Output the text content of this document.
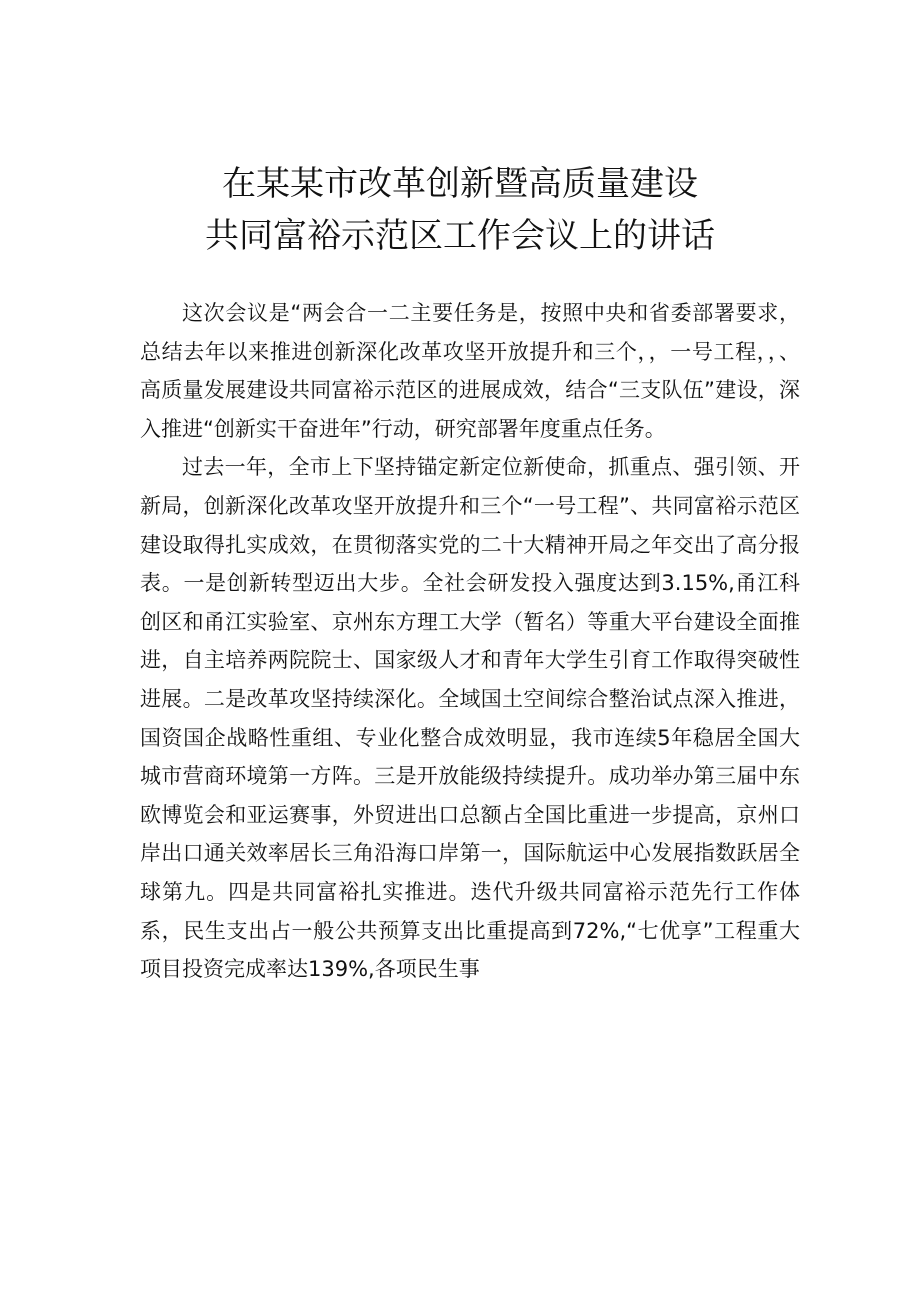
在某某市改革创新暨高质量建设
共同富裕示范区工作会议上的讲话

这次会议是“两会合一二主要任务是，按照中央和省委部署要求，总结去年以来推进创新深化改革攻坚开放提升和三个，，一号工程，，、高质量发展建设共同富裕示范区的进展成效，结合“三支队伍”建设，深入推进“创新实干奋进年”行动，研究部署年度重点任务。

过去一年，全市上下坚持锚定新定位新使命，抓重点、强引领、开新局，创新深化改革攻坚开放提升和三个“一号工程”、共同富裕示范区建设取得扎实成效，在贯彻落实党的二十大精神开局之年交出了高分报表。一是创新转型迈出大步。全社会研发投入强度达到3.15%,甬江科创区和甬江实验室、京州东方理工大学（暂名）等重大平台建设全面推进，自主培养两院院士、国家级人才和青年大学生引育工作取得突破性进展。二是改革攻坚持续深化。全域国土空间综合整治试点深入推进，国资国企战略性重组、专业化整合成效明显，我市连续5年稳居全国大城市营商环境第一方阵。三是开放能级持续提升。成功举办第三届中东欧博览会和亚运赛事，外贸进出口总额占全国比重进一步提高，京州口岸出口通关效率居长三角沿海口岸第一，国际航运中心发展指数跃居全球第九。四是共同富裕扎实推进。迭代升级共同富裕示范先行工作体系，民生支出占一般公共预算支出比重提高到72%,“七优享”工程重大项目投资完成率达139%,各项民生事
